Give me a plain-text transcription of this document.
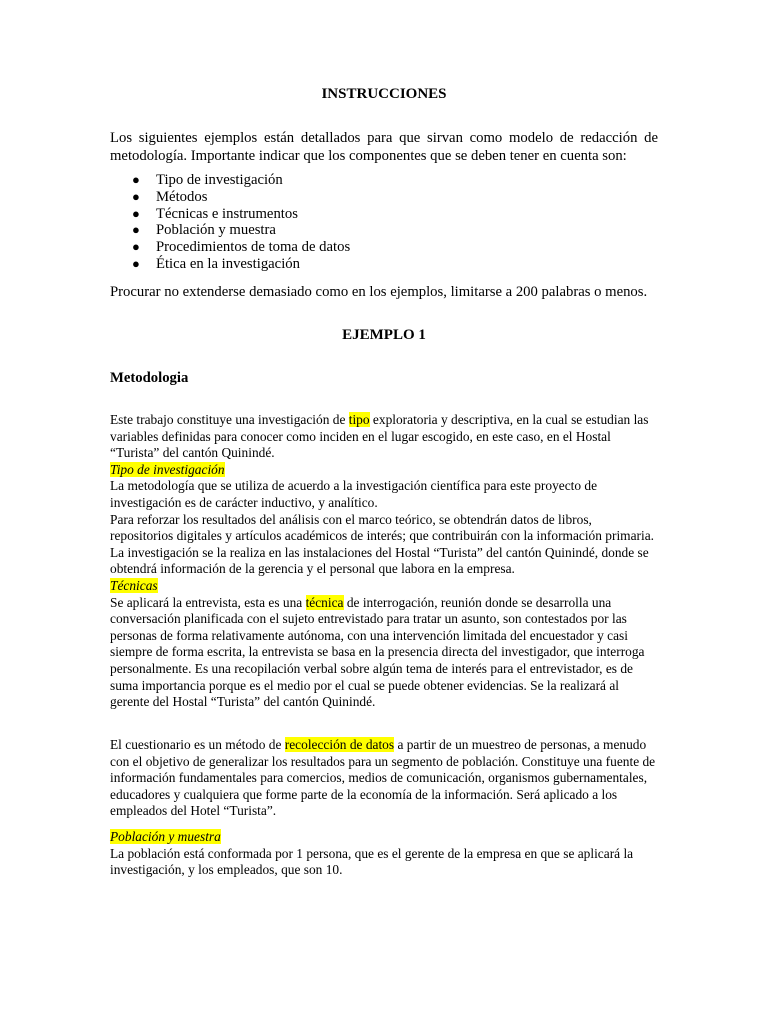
INSTRUCCIONES

Los siguientes ejemplos están detallados para que sirvan como modelo de redacción de metodología. Importante indicar que los componentes que se deben tener en cuenta son:

● Tipo de investigación
● Métodos
● Técnicas e instrumentos
● Población y muestra
● Procedimientos de toma de datos
● Ética en la investigación

Procurar no extenderse demasiado como en los ejemplos, limitarse a 200 palabras o menos.

EJEMPLO 1
Metodologia
Este trabajo constituye una investigación de tipo exploratoria y descriptiva, en la cual se estudian las variables definidas para conocer como inciden en el lugar escogido, en este caso, en el Hostal “Turista” del cantón Quinindé.
Tipo de investigación
La metodología que se utiliza de acuerdo a la investigación científica para este proyecto de investigación es de carácter inductivo, y analítico.
Para reforzar los resultados del análisis con el marco teórico, se obtendrán datos de libros, repositorios digitales y artículos académicos de interés; que contribuirán con la información primaria.
La investigación se la realiza en las instalaciones del Hostal “Turista” del cantón Quinindé, donde se obtendrá información de la gerencia y el personal que labora en la empresa.
Técnicas
Se aplicará la entrevista, esta es una técnica de interrogación, reunión donde se desarrolla una conversación planificada con el sujeto entrevistado para tratar un asunto, son contestados por las personas de forma relativamente autónoma, con una intervención limitada del encuestador y casi siempre de forma escrita, la entrevista se basa en la presencia directa del investigador, que interroga personalmente. Es una recopilación verbal sobre algún tema de interés para el entrevistador, es de suma importancia porque es el medio por el cual se puede obtener evidencias. Se la realizará al gerente del Hostal “Turista” del cantón Quinindé.
El cuestionario es un método de recolección de datos a partir de un muestreo de personas, a menudo con el objetivo de generalizar los resultados para un segmento de población. Constituye una fuente de información fundamentales para comercios, medios de comunicación, organismos gubernamentales, educadores y cualquiera que forme parte de la economía de la información. Será aplicado a los empleados del Hotel “Turista”.
Población y muestra
La población está conformada por 1 persona, que es el gerente de la empresa en que se aplicará la investigación, y los empleados, que son 10.
